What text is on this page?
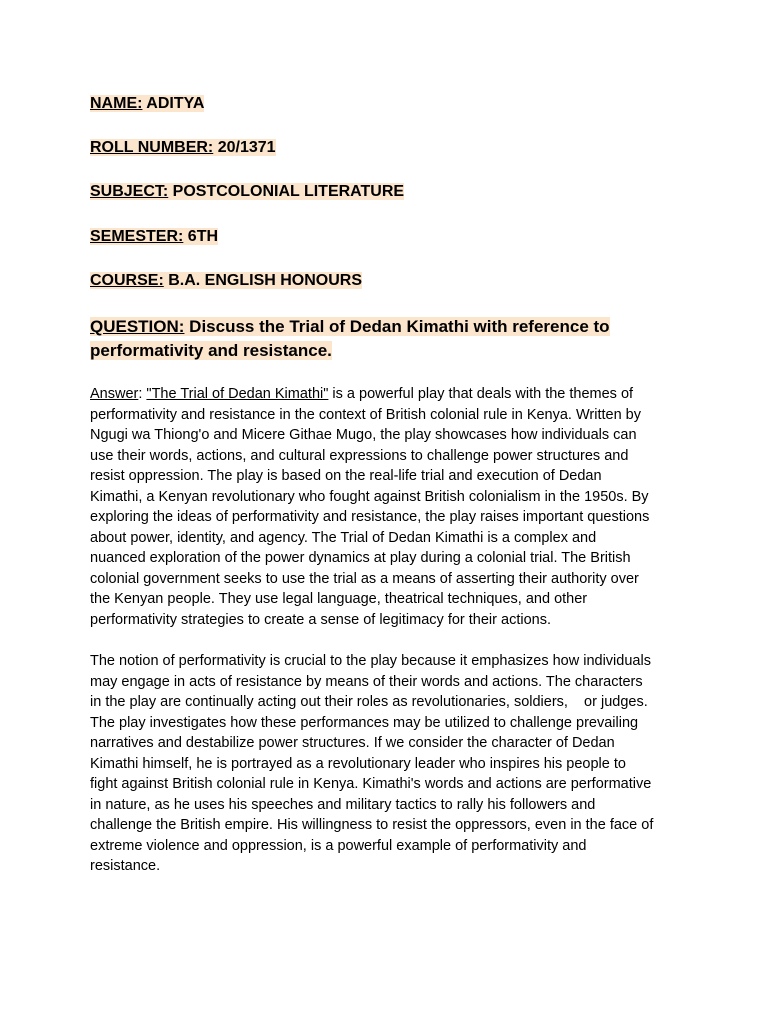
NAME: ADITYA
ROLL NUMBER: 20/1371
SUBJECT: POSTCOLONIAL LITERATURE
SEMESTER: 6TH
COURSE: B.A. ENGLISH HONOURS
QUESTION: Discuss the Trial of Dedan Kimathi with reference to
performativity and resistance.
Answer: "The Trial of Dedan Kimathi" is a powerful play that deals with the themes of
performativity and resistance in the context of British colonial rule in Kenya. Written by
Ngugi wa Thiong'o and Micere Githae Mugo, the play showcases how individuals can
use their words, actions, and cultural expressions to challenge power structures and
resist oppression. The play is based on the real-life trial and execution of Dedan
Kimathi, a Kenyan revolutionary who fought against British colonialism in the 1950s. By
exploring the ideas of performativity and resistance, the play raises important questions
about power, identity, and agency. The Trial of Dedan Kimathi is a complex and
nuanced exploration of the power dynamics at play during a colonial trial. The British
colonial government seeks to use the trial as a means of asserting their authority over
the Kenyan people. They use legal language, theatrical techniques, and other
performativity strategies to create a sense of legitimacy for their actions.
The notion of performativity is crucial to the play because it emphasizes how individuals
may engage in acts of resistance by means of their words and actions. The characters
in the play are continually acting out their roles as revolutionaries, soldiers,    or judges.
The play investigates how these performances may be utilized to challenge prevailing
narratives and destabilize power structures. If we consider the character of Dedan
Kimathi himself, he is portrayed as a revolutionary leader who inspires his people to
fight against British colonial rule in Kenya. Kimathi's words and actions are performative
in nature, as he uses his speeches and military tactics to rally his followers and
challenge the British empire. His willingness to resist the oppressors, even in the face of
extreme violence and oppression, is a powerful example of performativity and
resistance.
